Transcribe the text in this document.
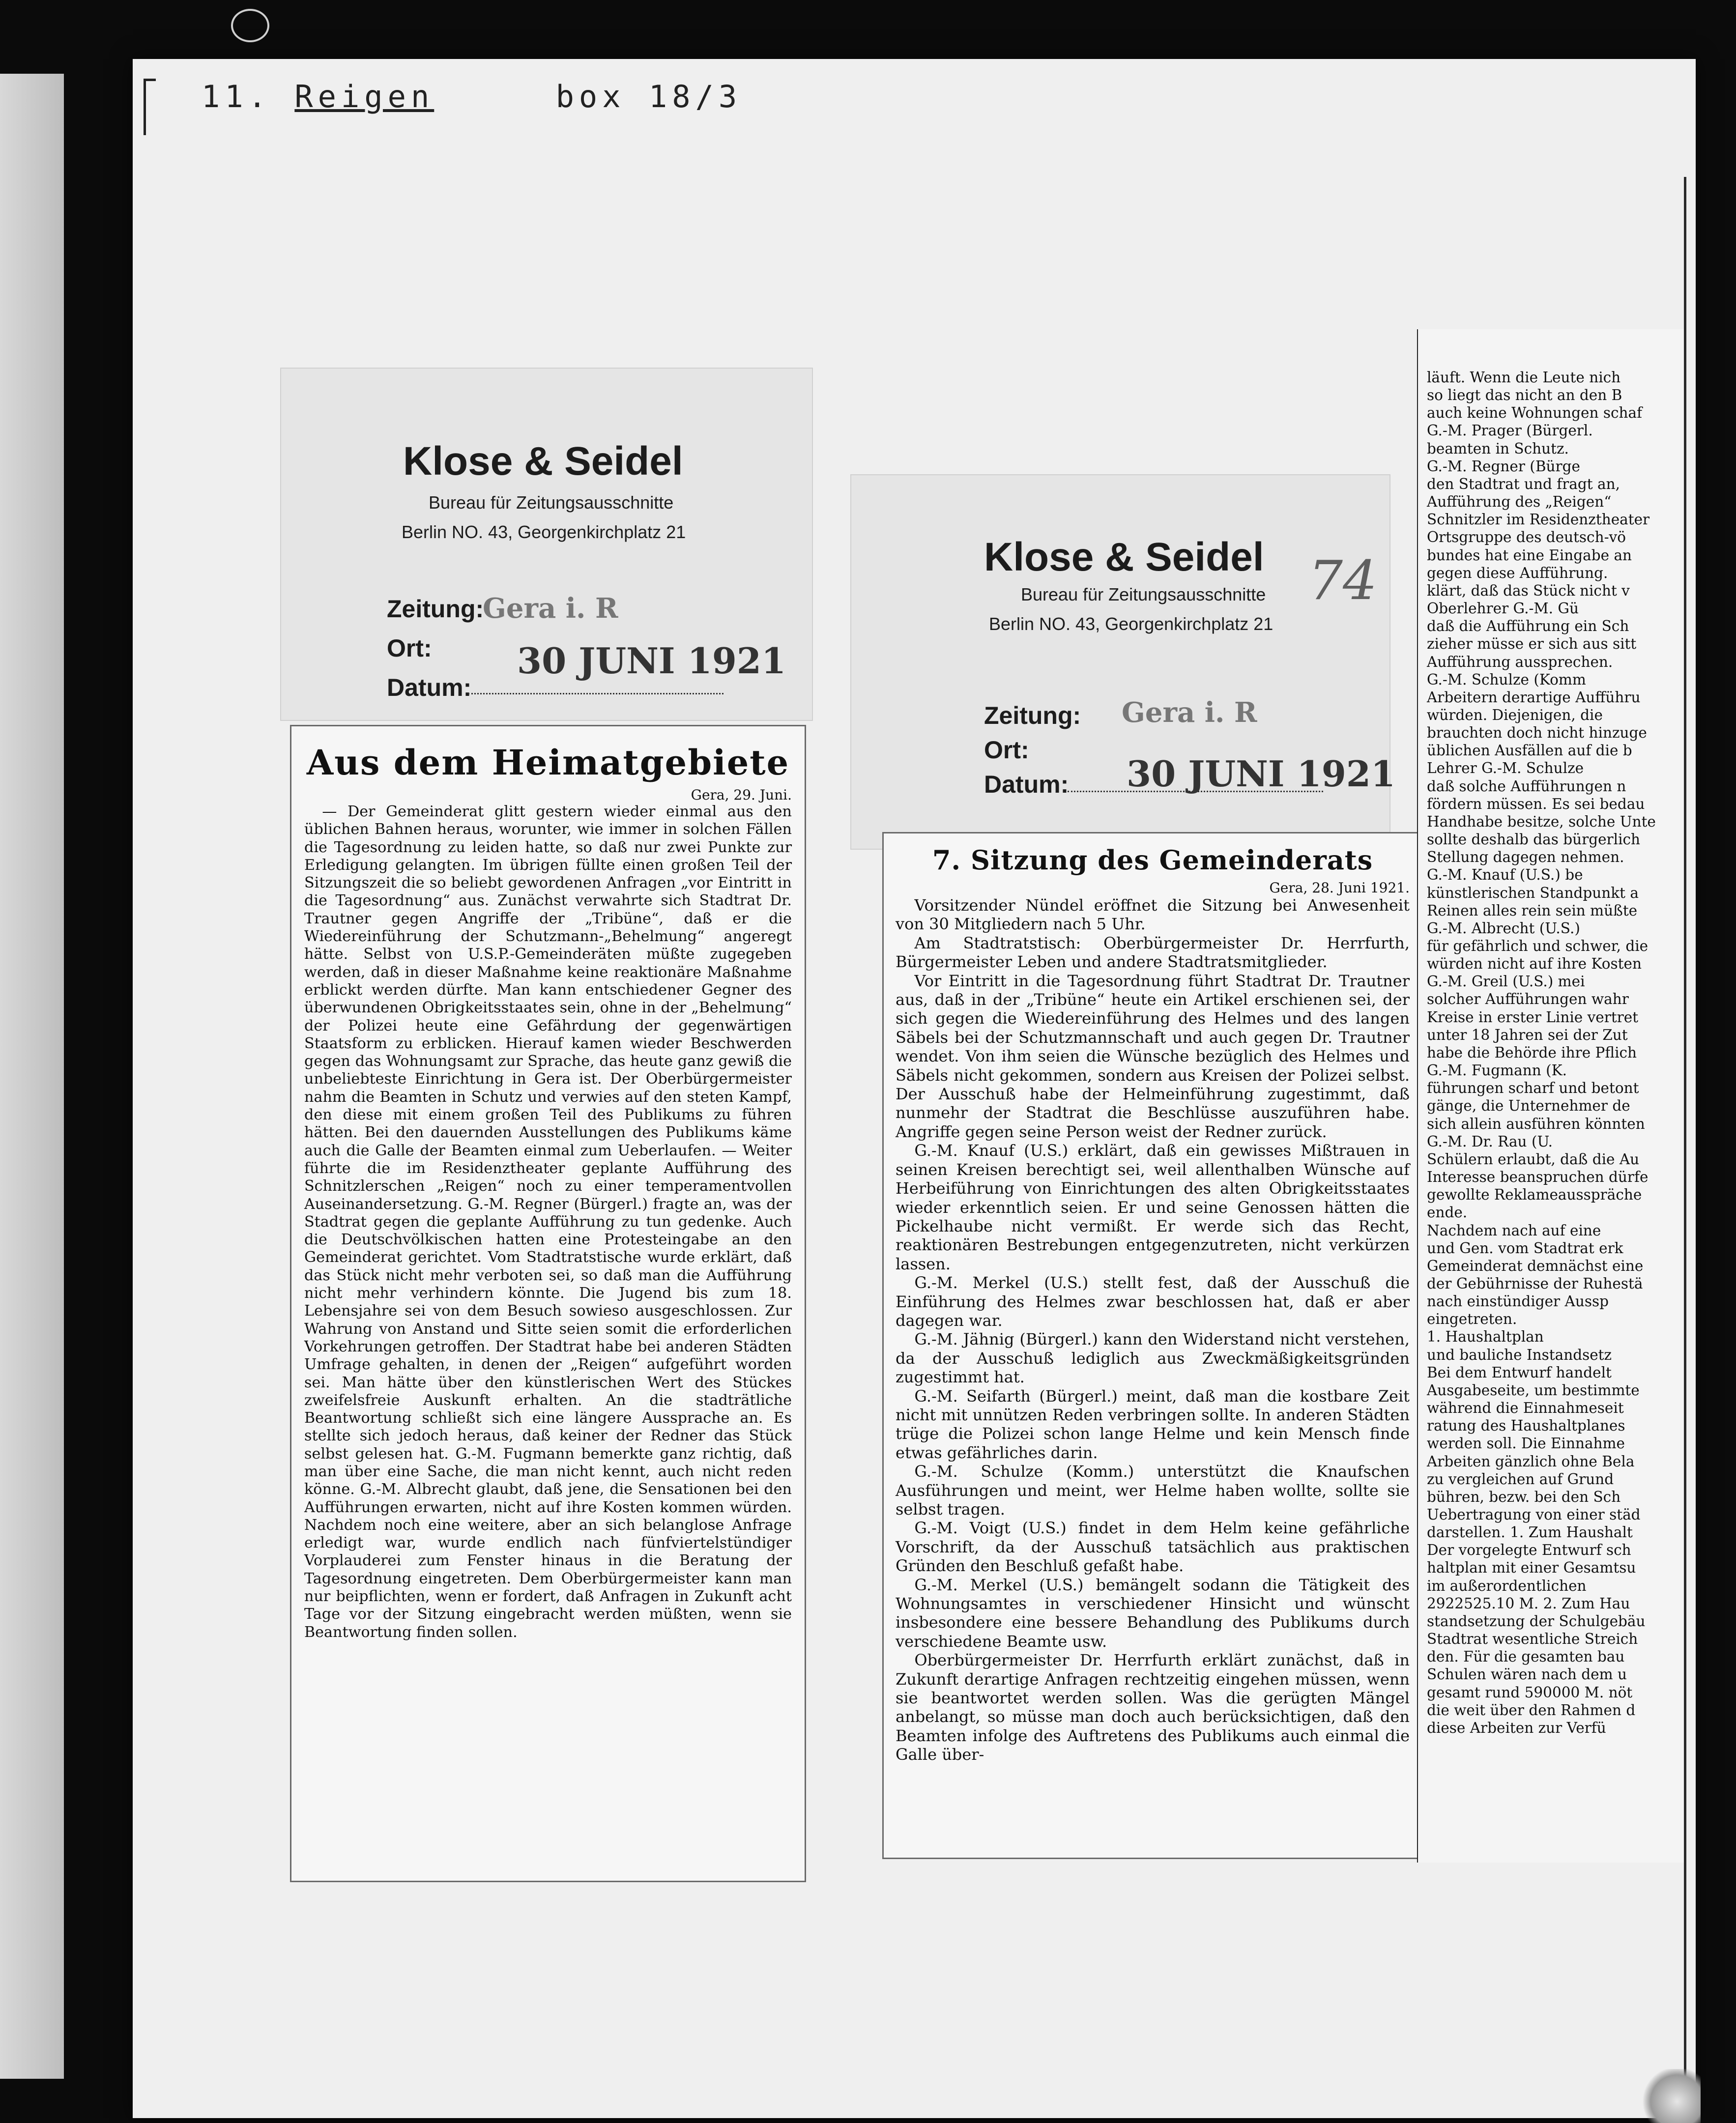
11. Reigen	box 18/3
Klose & Seidel
Bureau für Zeitungsausschnitte
Berlin NO. 43, Georgenkirchplatz 21
Zeitung:
Gera i. R
Ort:
Datum:
30 JUNI 1921
Klose & Seidel
Bureau für Zeitungsausschnitte
Berlin NO. 43, Georgenkirchplatz 21
74
Zeitung: Gera i. R
Ort:
Datum: 30 JUNI 1921
Aus dem Heimatgebiete
Gera, 29. Juni.

— Der Gemeinderat glitt gestern wieder einmal aus den üblichen Bahnen heraus, worunter, wie immer in solchen Fällen die Tagesordnung zu leiden hatte, so daß nur zwei Punkte zur Erledigung gelangten. Im übrigen füllte einen großen Teil der Sitzungszeit die so beliebt gewordenen Anfragen „vor Eintritt in die Tagesordnung“ aus. Zunächst verwahrte sich Stadtrat Dr. Trautner gegen Angriffe der „Tribüne“, daß er die Wiedereinführung der Schutzmann-„Behelmung“ angeregt hätte. Selbst von U.S.P.-Gemeinderäten müßte zugegeben werden, daß in dieser Maßnahme keine reaktionäre Maßnahme erblickt werden dürfte. Man kann entschiedener Gegner des überwundenen Obrigkeitsstaates sein, ohne in der „Behelmung“ der Polizei heute eine Gefährdung der gegenwärtigen Staatsform zu erblicken. Hierauf kamen wieder Beschwerden gegen das Wohnungsamt zur Sprache, das heute ganz gewiß die unbeliebteste Einrichtung in Gera ist. Der Oberbürgermeister nahm die Beamten in Schutz und verwies auf den steten Kampf, den diese mit einem großen Teil des Publikums zu führen hätten. Bei den dauernden Ausstellungen des Publikums käme auch die Galle der Beamten einmal zum Ueberlaufen. — Weiter führte die im Residenztheater geplante Aufführung des Schnitzlerschen „Reigen“ noch zu einer temperamentvollen Auseinandersetzung. G.-M. Regner (Bürgerl.) fragte an, was der Stadtrat gegen die geplante Aufführung zu tun gedenke. Auch die Deutschvölkischen hatten eine Protesteingabe an den Gemeinderat gerichtet. Vom Stadtratstische wurde erklärt, daß das Stück nicht mehr verboten sei, so daß man die Aufführung nicht mehr verhindern könnte. Die Jugend bis zum 18. Lebensjahre sei von dem Besuch sowieso ausgeschlossen. Zur Wahrung von Anstand und Sitte seien somit die erforderlichen Vorkehrungen getroffen. Der Stadtrat habe bei anderen Städten Umfrage gehalten, in denen der „Reigen“ aufgeführt worden sei. Man hätte über den künstlerischen Wert des Stückes zweifelsfreie Auskunft erhalten. An die stadträtliche Beantwortung schließt sich eine längere Aussprache an. Es stellte sich jedoch heraus, daß keiner der Redner das Stück selbst gelesen hat. G.-M. Fugmann bemerkte ganz richtig, daß man über eine Sache, die man nicht kennt, auch nicht reden könne. G.-M. Albrecht glaubt, daß jene, die Sensationen bei den Aufführungen erwarten, nicht auf ihre Kosten kommen würden. Nachdem noch eine weitere, aber an sich belanglose Anfrage erledigt war, wurde endlich nach fünfviertelstündiger Vorplauderei zum Fenster hinaus in die Beratung der Tagesordnung eingetreten. Dem Oberbürgermeister kann man nur beipflichten, wenn er fordert, daß Anfragen in Zukunft acht Tage vor der Sitzung eingebracht werden müßten, wenn sie Beantwortung finden sollen.

7. Sitzung des Gemeinderats
Gera, 28. Juni 1921.

Vorsitzender Nündel eröffnet die Sitzung bei Anwesenheit von 30 Mitgliedern nach 5 Uhr.

Am Stadtratstisch: Oberbürgermeister Dr. Herrfurth, Bürgermeister Leben und andere Stadtratsmitglieder.

Vor Eintritt in die Tagesordnung führt Stadtrat Dr. Trautner aus, daß in der „Tribüne“ heute ein Artikel erschienen sei, der sich gegen die Wiedereinführung des Helmes und des langen Säbels bei der Schutzmannschaft und auch gegen Dr. Trautner wendet. Von ihm seien die Wünsche bezüglich des Helmes und Säbels nicht gekommen, sondern aus Kreisen der Polizei selbst. Der Ausschuß habe der Helmeinführung zugestimmt, daß nunmehr der Stadtrat die Beschlüsse auszuführen habe. Angriffe gegen seine Person weist der Redner zurück.

G.-M. Knauf (U.S.) erklärt, daß ein gewisses Mißtrauen in seinen Kreisen berechtigt sei, weil allenthalben Wünsche auf Herbeiführung von Einrichtungen des alten Obrigkeitsstaates wieder erkenntlich seien. Er und seine Genossen hätten die Pickelhaube nicht vermißt. Er werde sich das Recht, reaktionären Bestrebungen entgegenzutreten, nicht verkürzen lassen.

G.-M. Merkel (U.S.) stellt fest, daß der Ausschuß die Einführung des Helmes zwar beschlossen hat, daß er aber dagegen war.

G.-M. Jähnig (Bürgerl.) kann den Widerstand nicht verstehen, da der Ausschuß lediglich aus Zweckmäßigkeitsgründen zugestimmt hat.

G.-M. Seifarth (Bürgerl.) meint, daß man die kostbare Zeit nicht mit unnützen Reden verbringen sollte. In anderen Städten trüge die Polizei schon lange Helme und kein Mensch finde etwas gefährliches darin.

G.-M. Schulze (Komm.) unterstützt die Knaufschen Ausführungen und meint, wer Helme haben wollte, sollte sie selbst tragen.

G.-M. Voigt (U.S.) findet in dem Helm keine gefährliche Vorschrift, da der Ausschuß tatsächlich aus praktischen Gründen den Beschluß gefaßt habe.

G.-M. Merkel (U.S.) bemängelt sodann die Tätigkeit des Wohnungsamtes in verschiedener Hinsicht und wünscht insbesondere eine bessere Behandlung des Publikums durch verschiedene Beamte usw.

Oberbürgermeister Dr. Herrfurth erklärt zunächst, daß in Zukunft derartige Anfragen rechtzeitig eingehen müssen, wenn sie beantwortet werden sollen. Was die gerügten Mängel anbelangt, so müsse man doch auch berücksichtigen, daß den Beamten infolge des Auftretens des Publikums auch einmal die Galle über-

läuft. Wenn die Leute nich
so liegt das nicht an den B
auch keine Wohnungen schaf
G.-M. Prager (Bürgerl.
beamten in Schutz.
G.-M. Regner (Bürge
den Stadtrat und fragt an,
Aufführung des „Reigen“
Schnitzler im Residenztheater
Ortsgruppe des deutsch-vö
bundes hat eine Eingabe an
gegen diese Aufführung.
klärt, daß das Stück nicht v
Oberlehrer G.-M. Gü
daß die Aufführung ein Sch
zieher müsse er sich aus sitt
Aufführung aussprechen.
G.-M. Schulze (Komm
Arbeitern derartige Aufführu
würden. Diejenigen, die
brauchten doch nicht hinzuge
üblichen Ausfällen auf die b
Lehrer G.-M. Schulze
daß solche Aufführungen n
fördern müssen. Es sei bedau
Handhabe besitze, solche Unte
sollte deshalb das bürgerlich
Stellung dagegen nehmen.
G.-M. Knauf (U.S.) be
künstlerischen Standpunkt a
Reinen alles rein sein müßte
G.-M. Albrecht (U.S.)
für gefährlich und schwer, die
würden nicht auf ihre Kosten
G.-M. Greil (U.S.) mei
solcher Aufführungen wahr
Kreise in erster Linie vertret
unter 18 Jahren sei der Zut
habe die Behörde ihre Pflich
G.-M. Fugmann (K.
führungen scharf und betont
gänge, die Unternehmer de
sich allein ausführen könnten
G.-M. Dr. Rau (U.
Schülern erlaubt, daß die Au
Interesse beanspruchen dürfe
gewollte Reklameausspräche
ende.
Nachdem nach auf eine
und Gen. vom Stadtrat erk
Gemeinderat demnächst eine
der Gebührnisse der Ruhestä
nach einstündiger Aussp
eingetreten.
1. Haushaltplan
und bauliche Instandsetz
Bei dem Entwurf handelt
Ausgabeseite, um bestimmte
während die Einnahmeseit
ratung des Haushaltplanes
werden soll. Die Einnahme
Arbeiten gänzlich ohne Bela
zu vergleichen auf Grund
bühren, bezw. bei den Sch
Uebertragung von einer städ
darstellen. 1. Zum Haushalt
Der vorgelegte Entwurf sch
haltplan mit einer Gesamtsu
im außerordentlichen
2922525.10 M. 2. Zum Hau
standsetzung der Schulgebäu
Stadtrat wesentliche Streich
den. Für die gesamten bau
Schulen wären nach dem u
gesamt rund 590000 M. nöt
die weit über den Rahmen d
diese Arbeiten zur Verfü
